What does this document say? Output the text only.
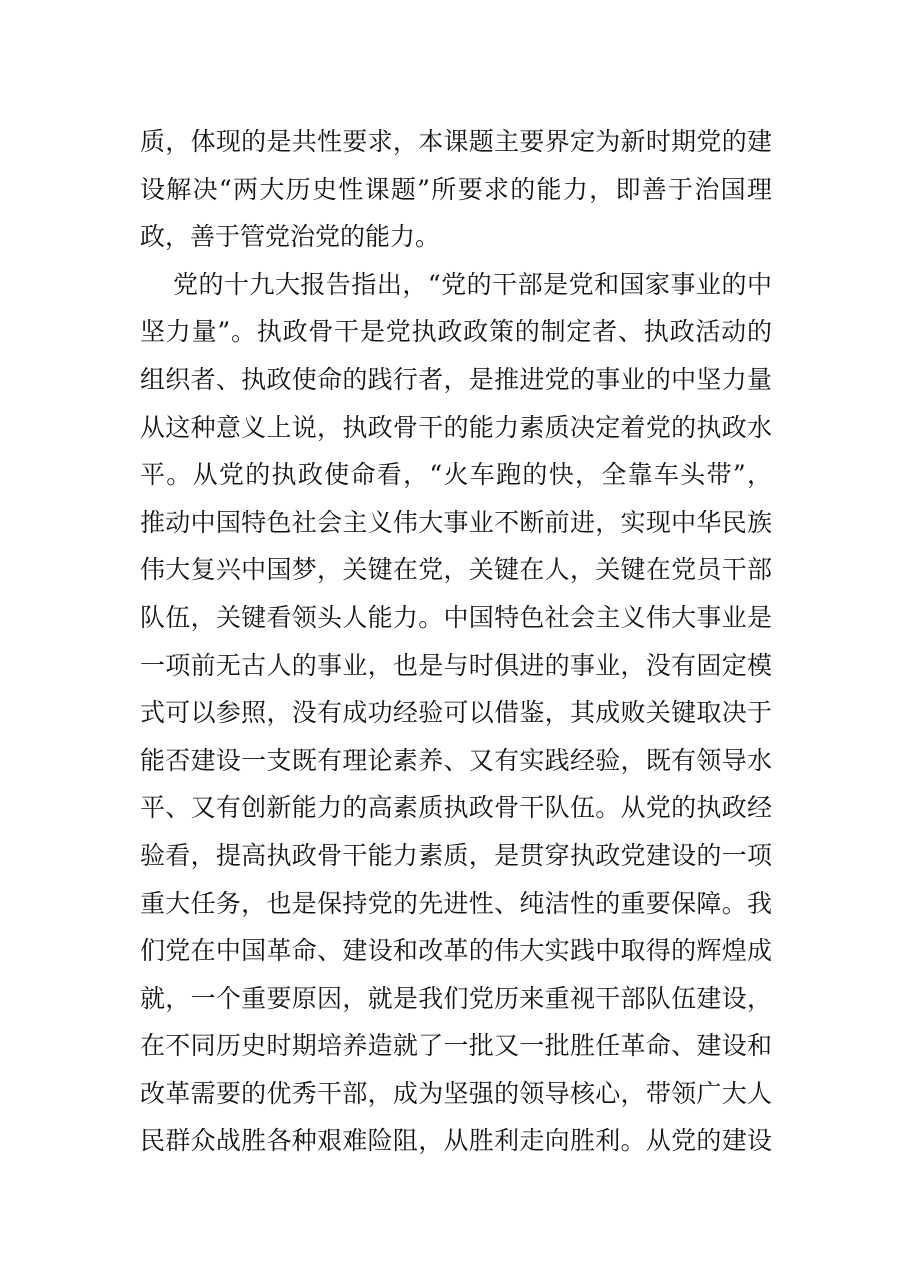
质，体现的是共性要求，本课题主要界定为新时期党的建
设解决“两大历史性课题”所要求的能力，即善于治国理
政，善于管党治党的能力。
党的十九大报告指出，“党的干部是党和国家事业的中
坚力量”。执政骨干是党执政政策的制定者、执政活动的
组织者、执政使命的践行者，是推进党的事业的中坚力量
从这种意义上说，执政骨干的能力素质决定着党的执政水
平。从党的执政使命看，“火车跑的快，全靠车头带”，
推动中国特色社会主义伟大事业不断前进，实现中华民族
伟大复兴中国梦，关键在党，关键在人，关键在党员干部
队伍，关键看领头人能力。中国特色社会主义伟大事业是
一项前无古人的事业，也是与时俱进的事业，没有固定模
式可以参照，没有成功经验可以借鉴，其成败关键取决于
能否建设一支既有理论素养、又有实践经验，既有领导水
平、又有创新能力的高素质执政骨干队伍。从党的执政经
验看，提高执政骨干能力素质，是贯穿执政党建设的一项
重大任务，也是保持党的先进性、纯洁性的重要保障。我
们党在中国革命、建设和改革的伟大实践中取得的辉煌成
就，一个重要原因，就是我们党历来重视干部队伍建设，
在不同历史时期培养造就了一批又一批胜任革命、建设和
改革需要的优秀干部，成为坚强的领导核心，带领广大人
民群众战胜各种艰难险阻，从胜利走向胜利。从党的建设
